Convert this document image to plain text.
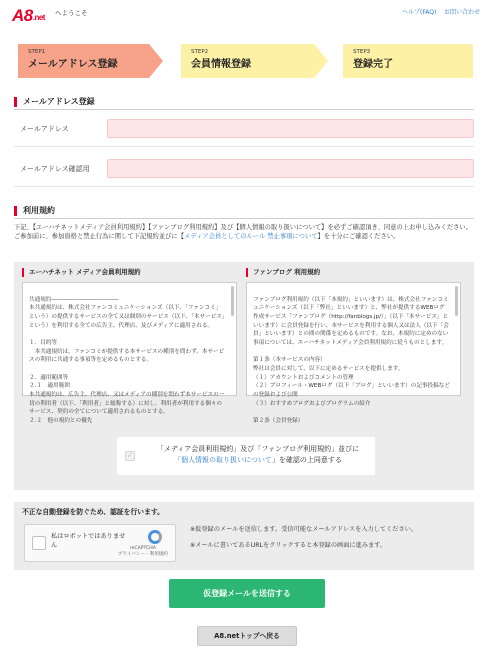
A8.net へようこそ	ヘルプ(FAQ) お問い合わせ
STEP1
メールアドレス登録
STEP2
会員情報登録
STEP3
登録完了
メールアドレス登録
メールアドレス
メールアドレス確認用
利用規約
下記、【エーハチネットメディア会員利用規約】【ファンブログ利用規約】及び【個人情報の取り扱いについて】を必ずご確認頂き、同意の上お申し込みください。
ご参加前に、参加資格と禁止行為に関して下記規約並びに【メディア会員としてのルール 禁止事項について】を十分にご確認ください。
エーハチネット メディア会員利用規約

共通規約――――――――――――
本共通規約は、株式会社ファンコミュニケーションズ（以下、「ファンコミ」という）の提供するサービスの全て又は個別のサービス（以下、「本サービス」という）を利用する全ての広告主、代理店、及びメディアに適用される。

１．目的等
　本共通規約は、ファンコミが提供する本サービスの種別を問わず、本サービスの利用に共通する事項等を定めるものとする。

２．適用範囲等
２.１　適用範囲
本共通規約は、広告主、代理店、又はメディアの種別を問わず本サービスの一切の利用者（以下、「利用者」と総称する）に対し、利用者が利用する個々のサービス、契約の全てについて適用されるものとする。
２.２　他の規約との優先

ファンブログ 利用規約

ファンブログ利用規約（以下「本規約」といいます）は、株式会社ファンコミュニケーションズ（以下「弊社」といいます）と、弊社が提供するWEBログ作成サービス「ファンブログ（http://fanblogs.jp/）」（以下「本サービス」といいます）に会員登録を行い、本サービスを利用する個人又は法人（以下「会員」といいます）との間の関係を定めるものです。なお、本規約に定めのない事項については、エーハチネットメディア会員利用規約に従うものとします。

第１条（本サービスの内容）
弊社は会員に対して、以下に定めるサービスを提供します。
（１）アカウントおよびコメントの管理
（２）プロフィール・WEBログ（以下「ブログ」といいます）の記事投稿などの登録および公開
（３）おすすめブログおよびプログラムの紹介

第２条（会員登録）

✓
「メディア会員利用規約」及び「ファンブログ利用規約」並びに
「個人情報の取り扱いについて」を確認の上同意する
不正な自動登録を防ぐため、認証を行います。
私はロボットではありません	reCAPTCHA
プライバシー - 利用規約
※仮登録のメールを送信します。受信可能なメールアドレスを入力してください。
※メールに書いてあるURLをクリックすると本登録の画面に進みます。
仮登録メールを送信する
A8.netトップへ戻る
